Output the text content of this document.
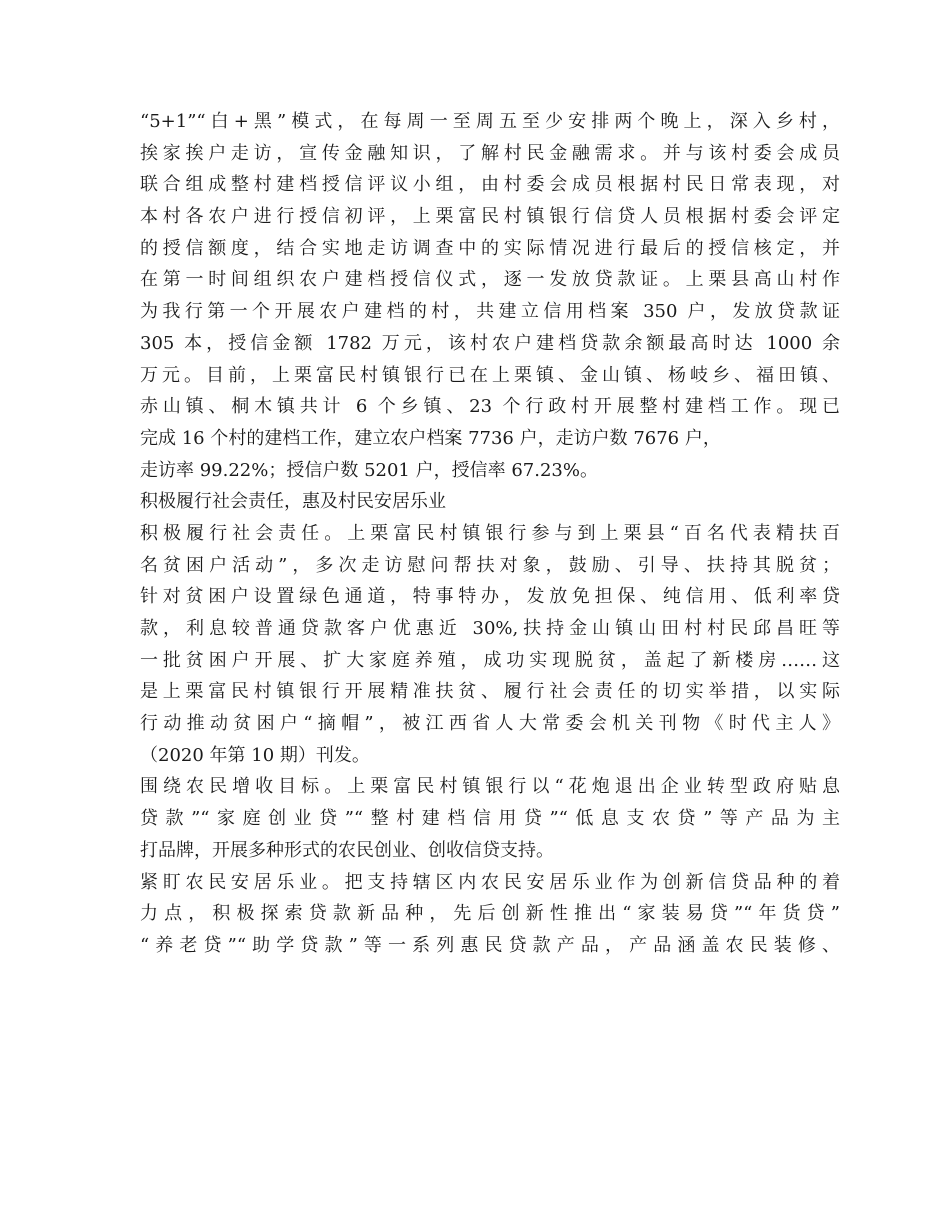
“5+1”“白+黑”模式，在每周一至周五至少安排两个晚上，深入乡村，
挨家挨户走访，宣传金融知识，了解村民金融需求。并与该村委会成员
联合组成整村建档授信评议小组，由村委会成员根据村民日常表现，对
本村各农户进行授信初评，上栗富民村镇银行信贷人员根据村委会评定
的授信额度，结合实地走访调查中的实际情况进行最后的授信核定，并
在第一时间组织农户建档授信仪式，逐一发放贷款证。上栗县高山村作
为我行第一个开展农户建档的村，共建立信用档案 350 户，发放贷款证
305 本，授信金额 1782 万元，该村农户建档贷款余额最高时达 1000 余
万元。目前，上栗富民村镇银行已在上栗镇、金山镇、杨岐乡、福田镇、
赤山镇、桐木镇共计 6 个乡镇、23 个行政村开展整村建档工作。现已
完成 16 个村的建档工作，建立农户档案 7736 户，走访户数 7676 户，
走访率 99.22%；授信户数 5201 户，授信率 67.23%。
积极履行社会责任，惠及村民安居乐业
积极履行社会责任。上栗富民村镇银行参与到上栗县“百名代表精扶百
名贫困户活动”，多次走访慰问帮扶对象，鼓励、引导、扶持其脱贫；
针对贫困户设置绿色通道，特事特办，发放免担保、纯信用、低利率贷
款，利息较普通贷款客户优惠近 30%,扶持金山镇山田村村民邱昌旺等
一批贫困户开展、扩大家庭养殖，成功实现脱贫，盖起了新楼房……这
是上栗富民村镇银行开展精准扶贫、履行社会责任的切实举措，以实际
行动推动贫困户“摘帽”，被江西省人大常委会机关刊物《时代主人》
（2020 年第 10 期）刊发。
围绕农民增收目标。上栗富民村镇银行以“花炮退出企业转型政府贴息
贷款”“家庭创业贷”“整村建档信用贷”“低息支农贷”等产品为主
打品牌，开展多种形式的农民创业、创收信贷支持。
紧盯农民安居乐业。把支持辖区内农民安居乐业作为创新信贷品种的着
力点，积极探索贷款新品种，先后创新性推出“家装易贷”“年货贷”
“养老贷”“助学贷款”等一系列惠民贷款产品，产品涵盖农民装修、
